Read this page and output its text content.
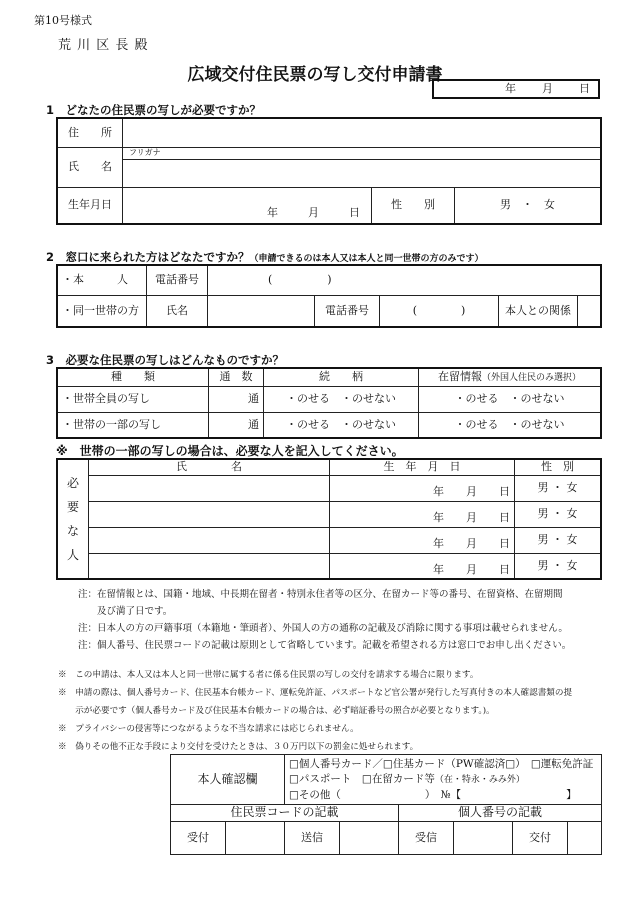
第10号様式
荒 川 区 長 殿
広域交付住民票の写し交付申請書
年 月 日
1　どなたの住民票の写しが必要ですか？
住　　所			
氏　　名	フリガナ		

生年月日	年 月 日	性　　別	男　・　女
2　窓口に来られた方はどなたですか？（申請できるのは本人又は本人と同一世帯の方のみです）
・本　　　人	電話番号	(　　　　　)				
・同一世帯の方	氏名		電話番号	(　　　　)	本人との関係	
3　必要な住民票の写しはどんなものですか？
種　　類	通　数	続　　柄	在留情報（外国人住民のみ選択）
・世帯全員の写し	通	・のせる　・のせない	・のせる　・のせない
・世帯の一部の写し	通	・のせる　・のせない	・のせる　・のせない
※　世帯の一部の写しの場合は、必要な人を記入してください。
必
要
な
人	氏　　　　名	生　年　月　日	性　別
		年　　月　　日	男 ・ 女
		年　　月　　日	男 ・ 女
		年　　月　　日	男 ・ 女
		年　　月　　日	男 ・ 女
注：在留情報とは、国籍・地域、中長期在留者・特別永住者等の区分、在留カード等の番号、在留資格、在留期間
　　及び満了日です。
注：日本人の方の戸籍事項（本籍地・筆頭者）、外国人の方の通称の記載及び消除に関する事項は載せられません。
注：個人番号、住民票コードの記載は原則として省略しています。記載を希望される方は窓口でお申し出ください。
※　この申請は、本人又は本人と同一世帯に属する者に係る住民票の写しの交付を請求する場合に限ります。
※　申請の際は、個人番号カード、住民基本台帳カード、運転免許証、パスポートなど官公署が発行した写真付きの本人確認書類の提
　　示が必要です（個人番号カード及び住民基本台帳カードの場合は、必ず暗証番号の照合が必要となります。)。
※　プライバシーの侵害等につながるような不当な請求には応じられません。
※　偽りその他不正な手段により交付を受けたときは、３０万円以下の罰金に処せられます。
本人確認欄		□個人番号カード／□住基カード（PW確認済□）　□運転免許証
□パスポート　□在留カード等（在・特永・みみ外）
□その他（　　　　　　　　）　№【　　　　　　　　　　】					

住民票コードの記載				個人番号の記載			
受付		送信		受信		交付	
